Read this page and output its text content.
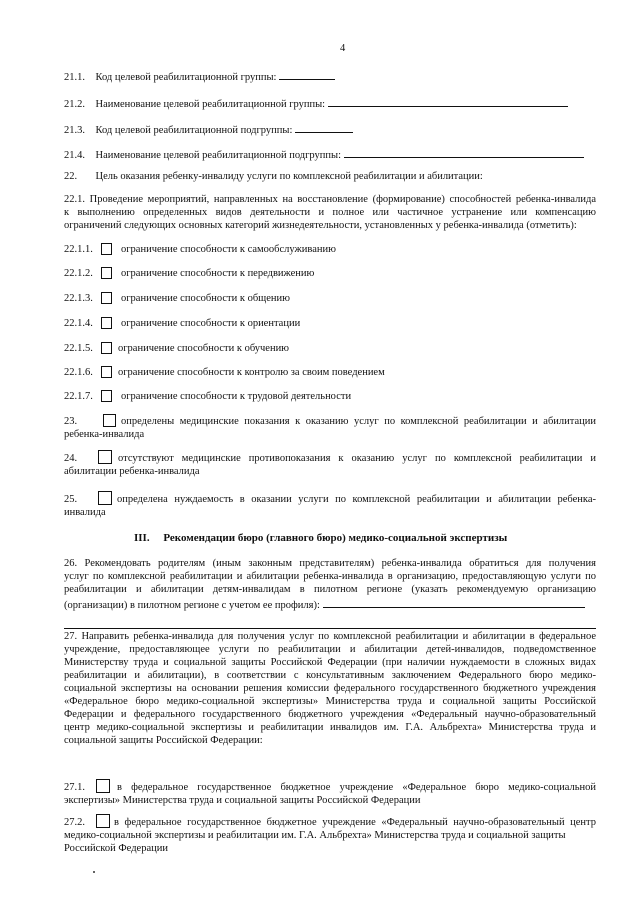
4
21.1. Код целевой реабилитационной группы:
21.2. Наименование целевой реабилитационной группы:
21.3. Код целевой реабилитационной подгруппы:
21.4. Наименование целевой реабилитационной подгруппы:
22. Цель оказания ребенку-инвалиду услуги по комплексной реабилитации и абилитации:
22.1. Проведение мероприятий, направленных на восстановление (формирование) способностей ребенка-инвалида
к выполнению определенных видов деятельности и полное или частичное устранение или компенсацию
ограничений следующих основных категорий жизнедеятельности, установленных у ребенка-инвалида (отметить):
22.1.1.	ограничение способности к самообслуживанию
22.1.2.	ограничение способности к передвижению
22.1.3.	ограничение способности к общению
22.1.4.	ограничение способности к ориентации
22.1.5. ограничение способности к обучению
22.1.6. ограничение способности к контролю за своим поведением
22.1.7.	ограничение способности к трудовой деятельности
23.	определены медицинские показания к оказанию услуг по комплексной реабилитации и абилитации
ребенка-инвалида
24.	отсутствуют медицинские противопоказания к оказанию услуг по комплексной реабилитации и
абилитации ребенка-инвалида
25.	определена нуждаемость в оказании услуги по комплексной реабилитации и абилитации ребенка-
инвалида
III. Рекомендации бюро (главного бюро) медико-социальной экспертизы
26. Рекомендовать родителям (иным законным представителям) ребенка-инвалида обратиться для получения
услуг по комплексной реабилитации и абилитации ребенка-инвалида в организацию, предоставляющую услуги по
реабилитации и абилитации детям-инвалидам в пилотном регионе (указать рекомендуемую организацию
(организации) в пилотном регионе с учетом ее профиля):
27. Направить ребенка-инвалида для получения услуг по комплексной реабилитации и абилитации в федеральное
учреждение, предоставляющее услуги по реабилитации и абилитации детей-инвалидов, подведомственное
Министерству труда и социальной защиты Российской Федерации (при наличии нуждаемости в сложных видах
реабилитации и абилитации), в соответствии с консультативным заключением Федерального бюро медико-
социальной экспертизы на основании решения комиссии федерального государственного бюджетного учреждения
«Федеральное бюро медико-социальной экспертизы» Министерства труда и социальной защиты Российской
Федерации и федерального государственного бюджетного учреждения «Федеральный научно-образовательный
центр медико-социальной экспертизы и реабилитации инвалидов им. Г.А. Альбрехта» Министерства труда и
социальной защиты Российской Федерации:
27.1.	в федеральное государственное бюджетное учреждение «Федеральное бюро медико-социальной
экспертизы» Министерства труда и социальной защиты Российской Федерации
27.2.	в федеральное государственное бюджетное учреждение «Федеральный научно-образовательный центр
медико-социальной экспертизы и реабилитации им. Г.А. Альбрехта» Министерства труда и социальной защиты
Российской Федерации
